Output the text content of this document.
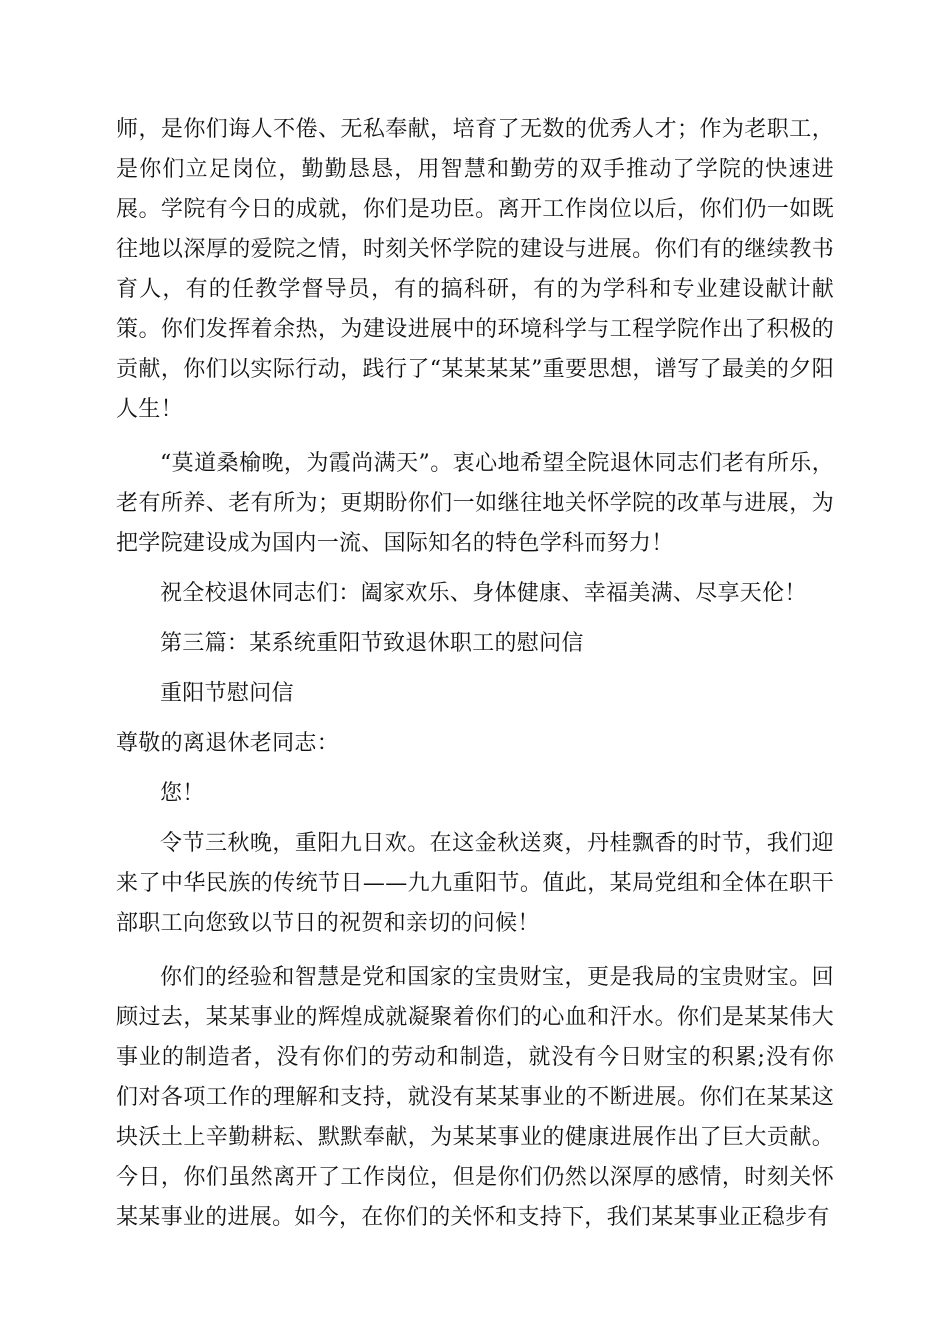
师，是你们诲人不倦、无私奉献，培育了无数的优秀人才；作为老职工，是你们立足岗位，勤勤恳恳，用智慧和勤劳的双手推动了学院的快速进展。学院有今日的成就，你们是功臣。离开工作岗位以后，你们仍一如既往地以深厚的爱院之情，时刻关怀学院的建设与进展。你们有的继续教书育人，有的任教学督导员，有的搞科研，有的为学科和专业建设献计献策。你们发挥着余热，为建设进展中的环境科学与工程学院作出了积极的贡献，你们以实际行动，践行了“某某某某”重要思想，谱写了最美的夕阳人生！

“莫道桑榆晚，为霞尚满天”。衷心地希望全院退休同志们老有所乐，老有所养、老有所为；更期盼你们一如继往地关怀学院的改革与进展，为把学院建设成为国内一流、国际知名的特色学科而努力！

祝全校退休同志们：阖家欢乐、身体健康、幸福美满、尽享天伦！

第三篇：某系统重阳节致退休职工的慰问信

重阳节慰问信

尊敬的离退休老同志：

您！

令节三秋晚，重阳九日欢。在这金秋送爽，丹桂飘香的时节，我们迎来了中华民族的传统节日——九九重阳节。值此，某局党组和全体在职干部职工向您致以节日的祝贺和亲切的问候！

你们的经验和智慧是党和国家的宝贵财宝，更是我局的宝贵财宝。回顾过去，某某事业的辉煌成就凝聚着你们的心血和汗水。你们是某某伟大事业的制造者，没有你们的劳动和制造，就没有今日财宝的积累;没有你们对各项工作的理解和支持，就没有某某事业的不断进展。你们在某某这块沃土上辛勤耕耘、默默奉献，为某某事业的健康进展作出了巨大贡献。今日，你们虽然离开了工作岗位，但是你们仍然以深厚的感情，时刻关怀某某事业的进展。如今，在你们的关怀和支持下，我们某某事业正稳步有
